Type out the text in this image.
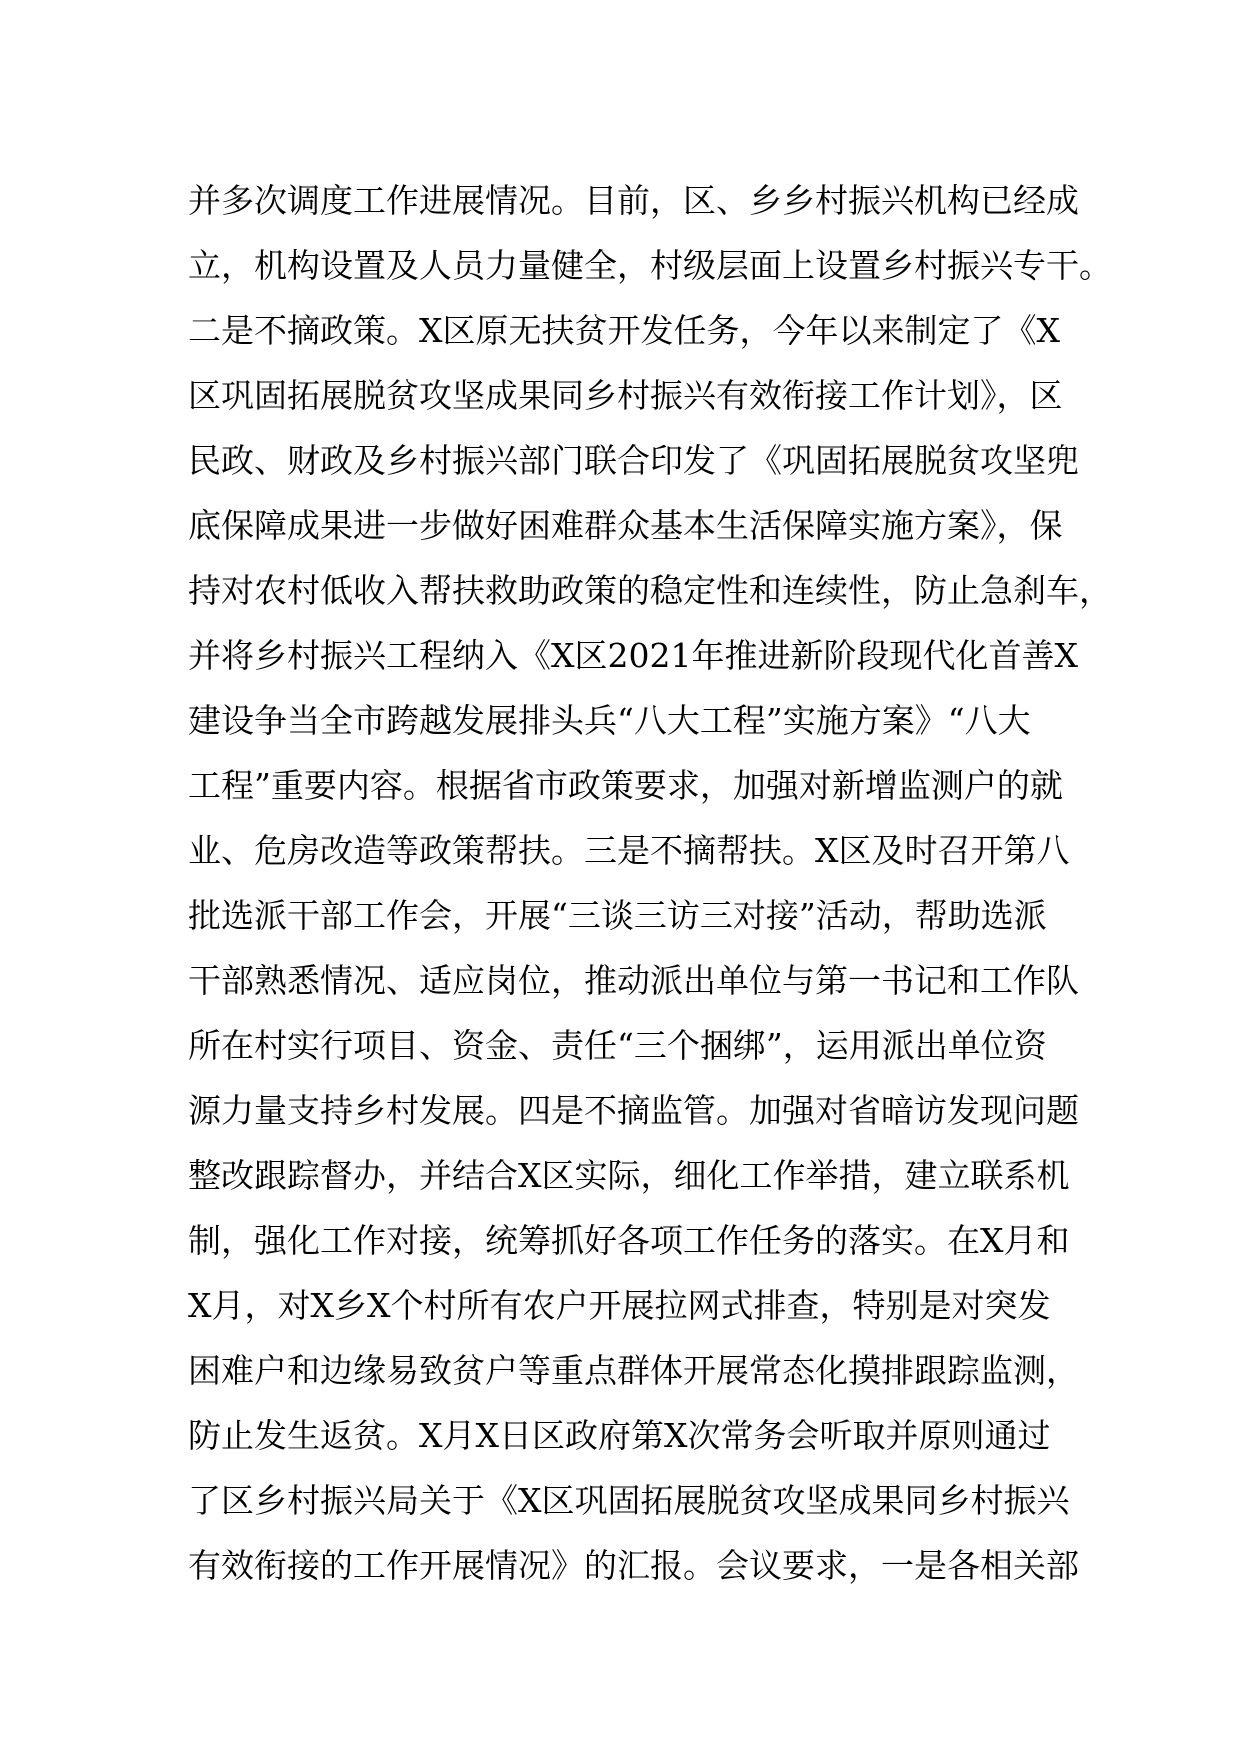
并多次调度工作进展情况。目前，区、乡乡村振兴机构已经成
立，机构设置及人员力量健全，村级层面上设置乡村振兴专干。
二是不摘政策。X区原无扶贫开发任务，今年以来制定了《X
区巩固拓展脱贫攻坚成果同乡村振兴有效衔接工作计划》，区
民政、财政及乡村振兴部门联合印发了《巩固拓展脱贫攻坚兜
底保障成果进一步做好困难群众基本生活保障实施方案》，保
持对农村低收入帮扶救助政策的稳定性和连续性，防止急刹车，
并将乡村振兴工程纳入《X区2021年推进新阶段现代化首善X
建设争当全市跨越发展排头兵“八大工程”实施方案》“八大
工程”重要内容。根据省市政策要求，加强对新增监测户的就
业、危房改造等政策帮扶。三是不摘帮扶。X区及时召开第八
批选派干部工作会，开展“三谈三访三对接”活动，帮助选派
干部熟悉情况、适应岗位，推动派出单位与第一书记和工作队
所在村实行项目、资金、责任“三个捆绑”，运用派出单位资
源力量支持乡村发展。四是不摘监管。加强对省暗访发现问题
整改跟踪督办，并结合X区实际，细化工作举措，建立联系机
制，强化工作对接，统筹抓好各项工作任务的落实。在X月和
X月，对X乡X个村所有农户开展拉网式排查，特别是对突发
困难户和边缘易致贫户等重点群体开展常态化摸排跟踪监测，
防止发生返贫。X月X日区政府第X次常务会听取并原则通过
了区乡村振兴局关于《X区巩固拓展脱贫攻坚成果同乡村振兴
有效衔接的工作开展情况》的汇报。会议要求，一是各相关部
